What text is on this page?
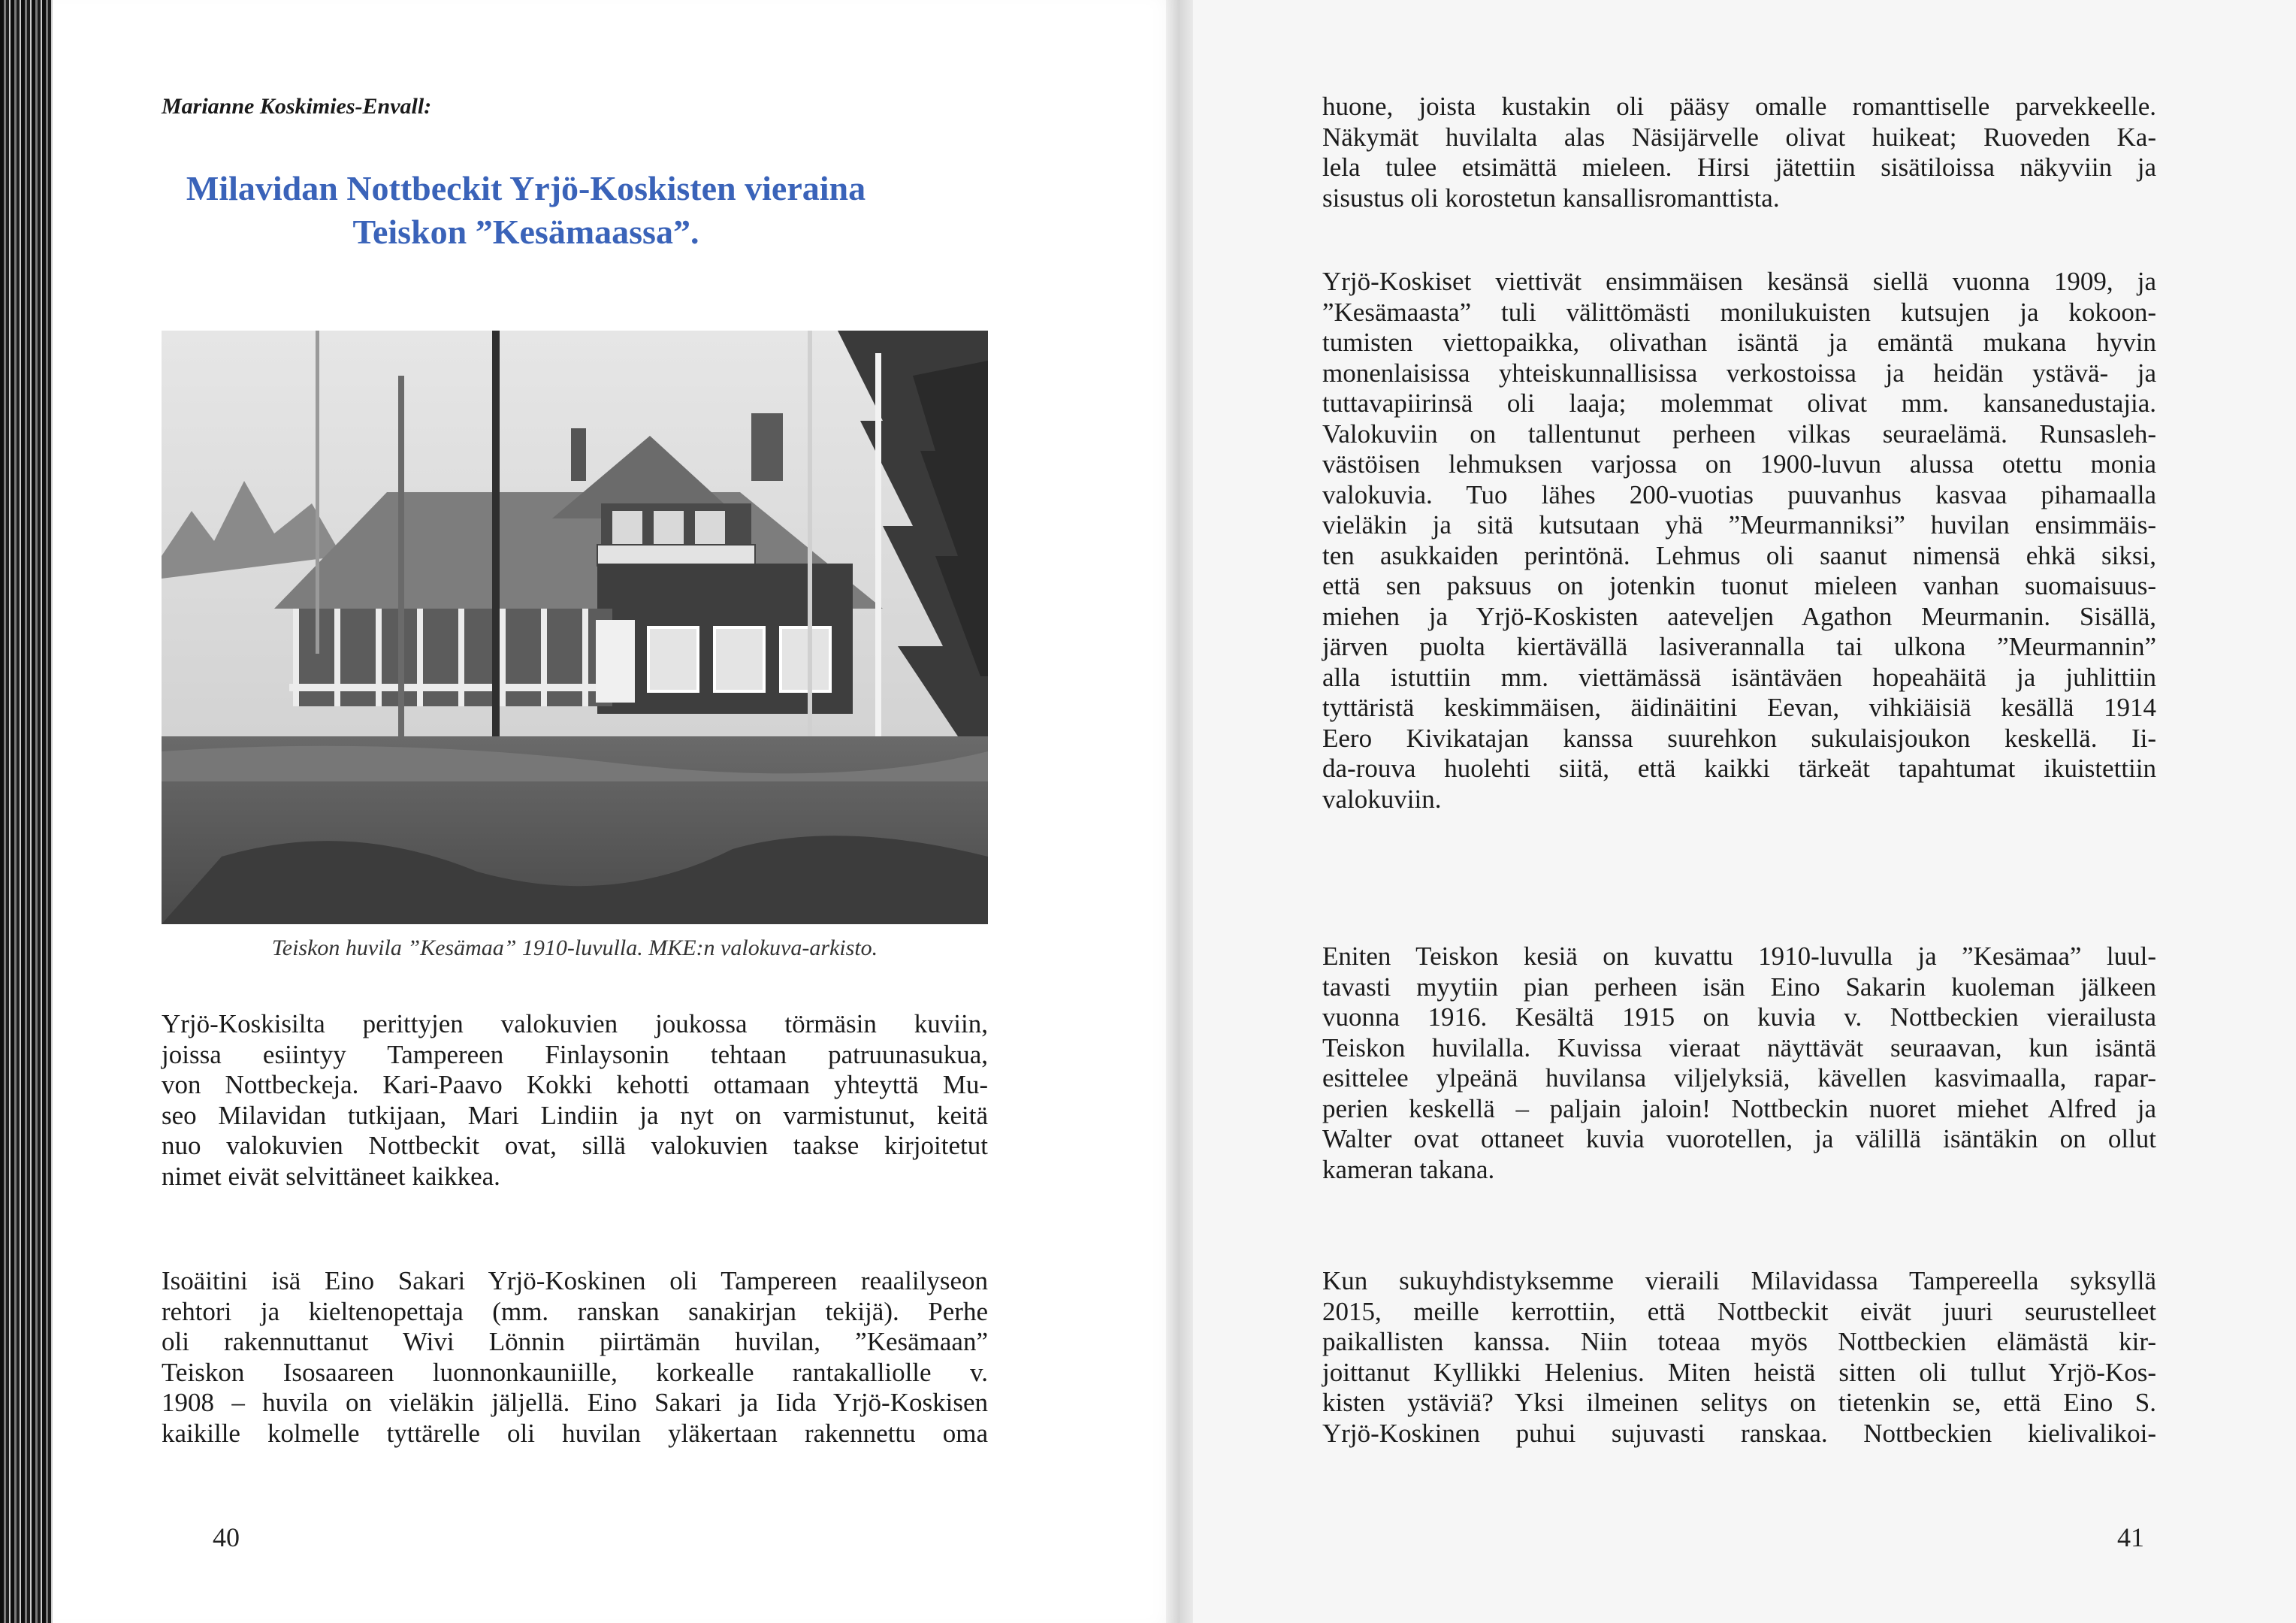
Marianne Koskimies-Envall:
Milavidan Nottbeckit Yrjö-Koskisten vieraina
Teiskon ”Kesämaassa”.
Teiskon huvila ”Kesämaa” 1910-luvulla. MKE:n valokuva-arkisto.
Yrjö-Koskisilta perittyjen valokuvien joukossa törmäsin kuviin,
joissa esiintyy Tampereen Finlaysonin tehtaan patruunasukua,
von Nottbeckeja. Kari-Paavo Kokki kehotti ottamaan yhteyttä Mu-
seo Milavidan tutkijaan, Mari Lindiin ja nyt on varmistunut, keitä
nuo valokuvien Nottbeckit ovat, sillä valokuvien taakse kirjoitetut
nimet eivät selvittäneet kaikkea.
Isoäitini isä Eino Sakari Yrjö-Koskinen oli Tampereen reaalilyseon
rehtori ja kieltenopettaja (mm. ranskan sanakirjan tekijä). Perhe
oli rakennuttanut Wivi Lönnin piirtämän huvilan, ”Kesämaan”
Teiskon Isosaareen luonnonkauniille, korkealle rantakalliolle v.
1908 – huvila on vieläkin jäljellä. Eino Sakari ja Iida Yrjö-Koskisen
kaikille kolmelle tyttärelle oli huvilan yläkertaan rakennettu oma
40
huone, joista kustakin oli pääsy omalle romanttiselle parvekkeelle.
Näkymät huvilalta alas Näsijärvelle olivat huikeat; Ruoveden Ka-
lela tulee etsimättä mieleen. Hirsi jätettiin sisätiloissa näkyviin ja
sisustus oli korostetun kansallisromanttista.
Yrjö-Koskiset viettivät ensimmäisen kesänsä siellä vuonna 1909, ja
”Kesämaasta” tuli välittömästi monilukuisten kutsujen ja kokoon-
tumisten viettopaikka, olivathan isäntä ja emäntä mukana hyvin
monenlaisissa yhteiskunnallisissa verkostoissa ja heidän ystävä- ja
tuttavapiirinsä oli laaja; molemmat olivat mm. kansanedustajia.
Valokuviin on tallentunut perheen vilkas seuraelämä. Runsasleh-
västöisen lehmuksen varjossa on 1900-luvun alussa otettu monia
valokuvia. Tuo lähes 200-vuotias puuvanhus kasvaa pihamaalla
vieläkin ja sitä kutsutaan yhä ”Meurmanniksi” huvilan ensimmäis-
ten asukkaiden perintönä. Lehmus oli saanut nimensä ehkä siksi,
että sen paksuus on jotenkin tuonut mieleen vanhan suomaisuus-
miehen ja Yrjö-Koskisten aateveljen Agathon Meurmanin. Sisällä,
järven puolta kiertävällä lasiverannalla tai ulkona ”Meurmannin”
alla istuttiin mm. viettämässä isäntäväen hopeahäitä ja juhlittiin
tyttäristä keskimmäisen, äidinäitini Eevan, vihkiäisiä kesällä 1914
Eero Kivikatajan kanssa suurehkon sukulaisjoukon keskellä. Ii-
da-rouva huolehti siitä, että kaikki tärkeät tapahtumat ikuistettiin
valokuviin.
Eniten Teiskon kesiä on kuvattu 1910-luvulla ja ”Kesämaa” luul-
tavasti myytiin pian perheen isän Eino Sakarin kuoleman jälkeen
vuonna 1916. Kesältä 1915 on kuvia v. Nottbeckien vierailusta
Teiskon huvilalla. Kuvissa vieraat näyttävät seuraavan, kun isäntä
esittelee ylpeänä huvilansa viljelyksiä, kävellen kasvimaalla, rapar-
perien keskellä – paljain jaloin! Nottbeckin nuoret miehet Alfred ja
Walter ovat ottaneet kuvia vuorotellen, ja välillä isäntäkin on ollut
kameran takana.
Kun sukuyhdistyksemme vieraili Milavidassa Tampereella syksyllä
2015, meille kerrottiin, että Nottbeckit eivät juuri seurustelleet
paikallisten kanssa. Niin toteaa myös Nottbeckien elämästä kir-
joittanut Kyllikki Helenius. Miten heistä sitten oli tullut Yrjö-Kos-
kisten ystäviä? Yksi ilmeinen selitys on tietenkin se, että Eino S.
Yrjö-Koskinen puhui sujuvasti ranskaa. Nottbeckien kielivalikoi-
41
